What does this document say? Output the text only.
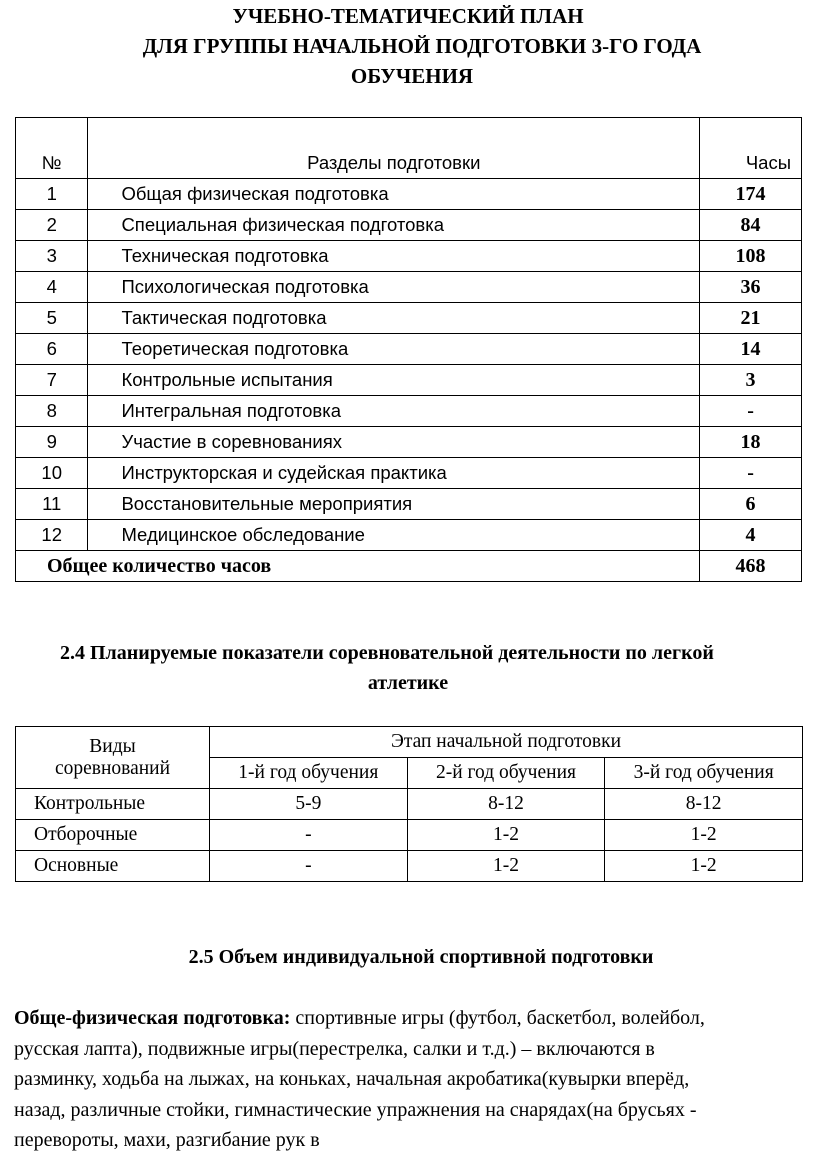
УЧЕБНО-ТЕМАТИЧЕСКИЙ ПЛАН
ДЛЯ ГРУППЫ НАЧАЛЬНОЙ ПОДГОТОВКИ 3-ГО ГОДА
ОБУЧЕНИЯ
№	Разделы подготовки	Часы
1	Общая физическая подготовка	174
2	Специальная физическая подготовка	84
3	Техническая подготовка	108
4	Психологическая подготовка	36
5	Тактическая подготовка	21
6	Теоретическая подготовка	14
7	Контрольные испытания	3
8	Интегральная подготовка	-
9	Участие в соревнованиях	18
10	Инструкторская и судейская практика	-
11	Восстановительные мероприятия	6
12	Медицинское обследование	4
Общее количество часов		468
2.4 Планируемые показатели соревновательной деятельности по легкой
атлетике
Виды
соревнований	Этап начальной подготовки		
	1-й год обучения	2-й год обучения	3-й год обучения
Контрольные	5-9	8-12	8-12
Отборочные	-	1-2	1-2
Основные	-	1-2	1-2
2.5 Объем индивидуальной спортивной подготовки
Обще-физическая подготовка: спортивные игры (футбол, баскетбол, волейбол,
русская лапта), подвижные игры(перестрелка, салки и т.д.) – включаются в
разминку, ходьба на лыжах, на коньках, начальная акробатика(кувырки вперёд,
назад, различные стойки, гимнастические упражнения на снарядах(на брусьях -
перевороты, махи, разгибание рук в
